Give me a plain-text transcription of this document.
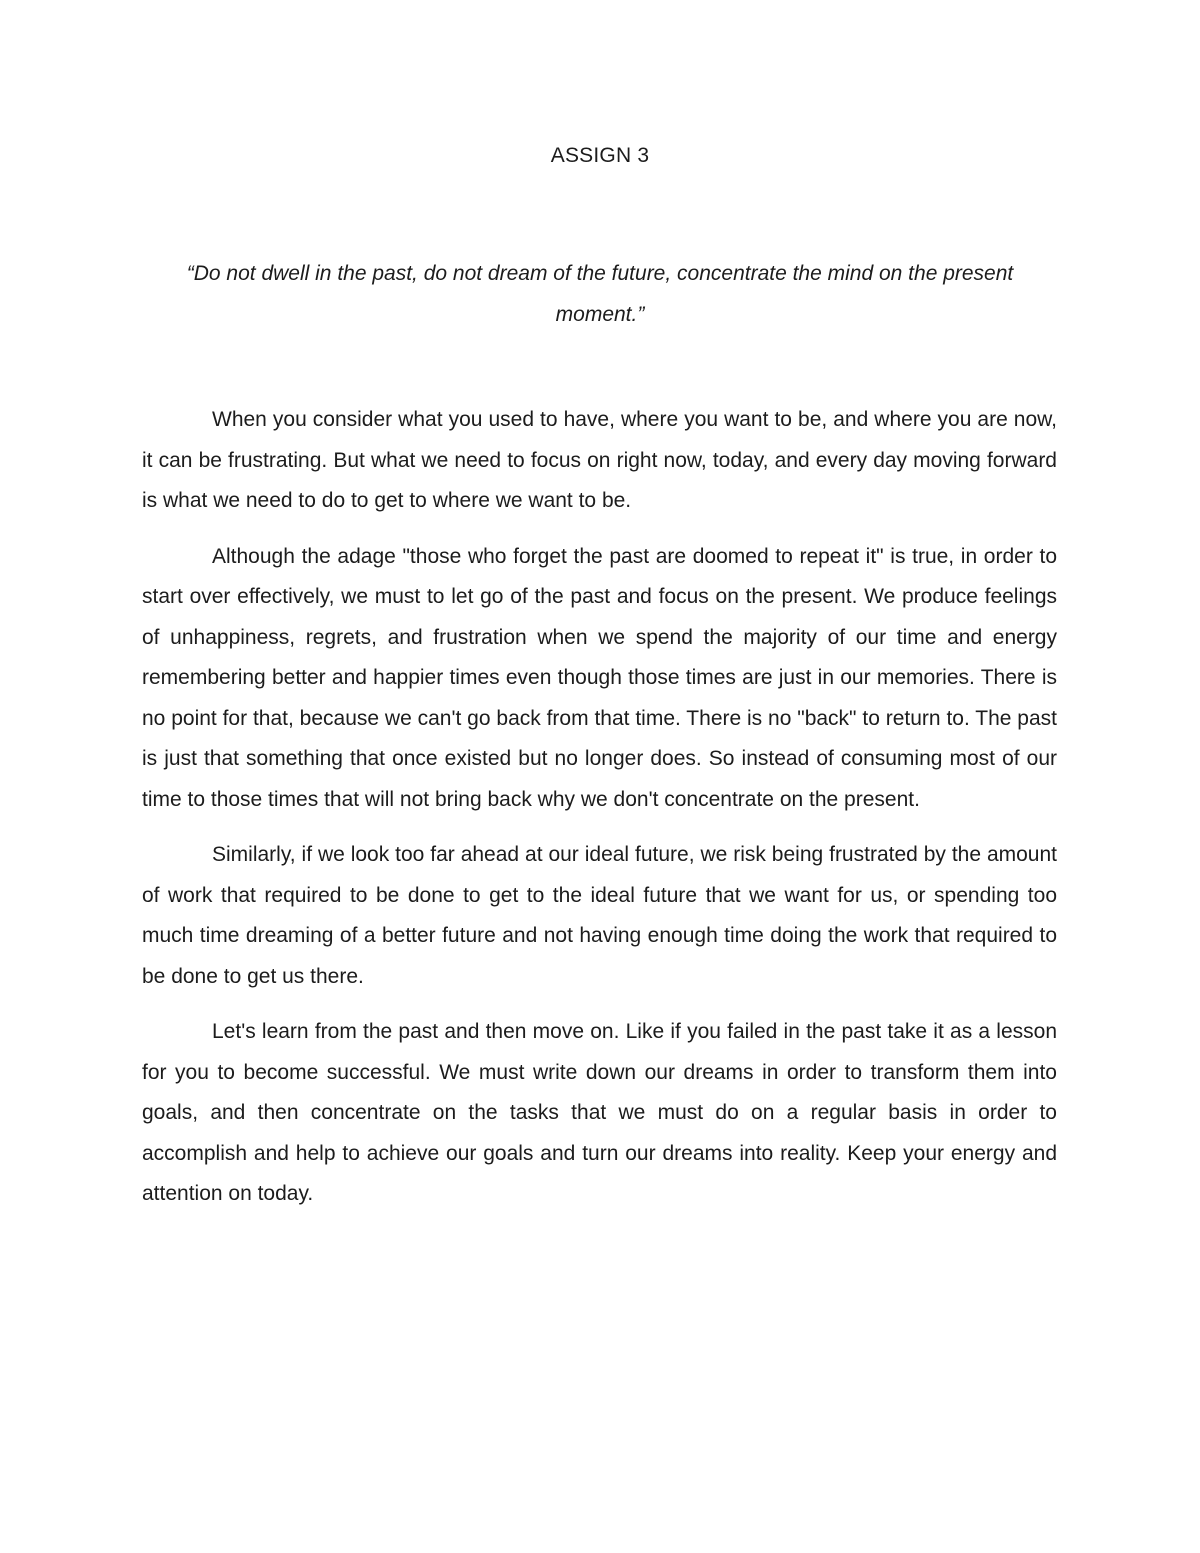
ASSIGN 3
“Do not dwell in the past, do not dream of the future, concentrate the mind on the present moment.”

When you consider what you used to have, where you want to be, and where you are now, it can be frustrating. But what we need to focus on right now, today, and every day moving forward is what we need to do to get to where we want to be.

Although the adage "those who forget the past are doomed to repeat it" is true, in order to start over effectively, we must to let go of the past and focus on the present. We produce feelings of unhappiness, regrets, and frustration when we spend the majority of our time and energy remembering better and happier times even though those times are just in our memories. There is no point for that, because we can't go back from that time. There is no "back" to return to. The past is just that something that once existed but no longer does. So instead of consuming most of our time to those times that will not bring back why we don't concentrate on the present.

Similarly, if we look too far ahead at our ideal future, we risk being frustrated by the amount of work that required to be done to get to the ideal future that we want for us, or spending too much time dreaming of a better future and not having enough time doing the work that required to be done to get us there.

Let's learn from the past and then move on. Like if you failed in the past take it as a lesson for you to become successful. We must write down our dreams in order to transform them into goals, and then concentrate on the tasks that we must do on a regular basis in order to accomplish and help to achieve our goals and turn our dreams into reality. Keep your energy and attention on today.
